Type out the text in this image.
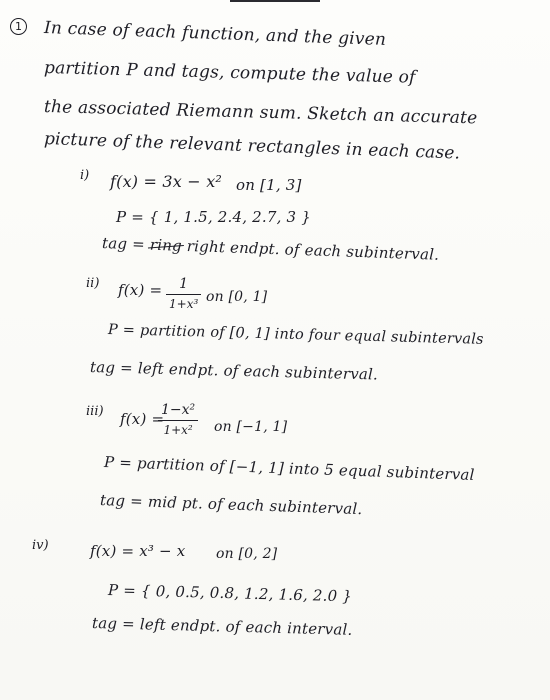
1 In case of each function, and the given
partition P and tags, compute the value of
the associated Riemann sum. Sketch an accurate
picture of the relevant rectangles in each case.
i) f(x) = 3x − x² on [1, 3]
P = { 1, 1.5, 2.4, 2.7, 3 }
tag = ring right endpt. of each subinterval.
ii) f(x) = 1
1+x³ on [0, 1]
P = partition of [0, 1] into four equal subintervals
tag = left endpt. of each subinterval.
iii) f(x) =
1−x²
1+x² on [−1, 1]
P = partition of [−1, 1] into 5 equal subinterval
tag = mid pt. of each subinterval.
iv)	f(x) = x³ − x on [0, 2]
P = { 0, 0.5, 0.8, 1.2, 1.6, 2.0 }
tag = left endpt. of each interval.
